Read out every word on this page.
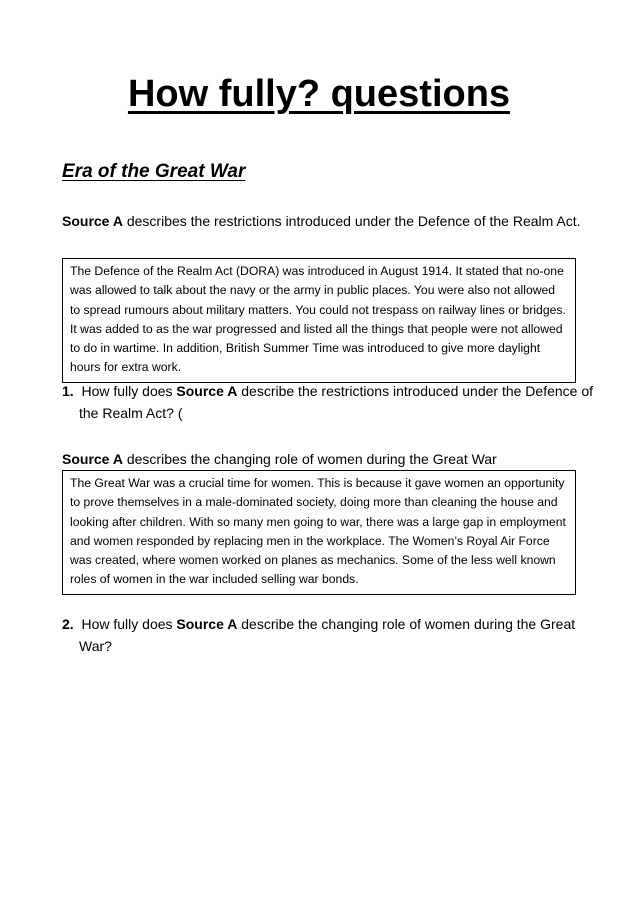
How fully? questions
Era of the Great War

Source A describes the restrictions introduced under the Defence of the Realm Act.

The Defence of the Realm Act (DORA) was introduced in August 1914. It stated that no-one was allowed to talk about the navy or the army in public places. You were also not allowed to spread rumours about military matters. You could not trespass on railway lines or bridges. It was added to as the war progressed and listed all the things that people were not allowed to do in wartime. In addition, British Summer Time was introduced to give more daylight hours for extra work.

1. How fully does Source A describe the restrictions introduced under the Defence of the Realm Act? (

Source A describes the changing role of women during the Great War

The Great War was a crucial time for women. This is because it gave women an opportunity to prove themselves in a male-dominated society, doing more than cleaning the house and looking after children. With so many men going to war, there was a large gap in employment and women responded by replacing men in the workplace. The Women’s Royal Air Force was created, where women worked on planes as mechanics. Some of the less well known roles of women in the war included selling war bonds.

2. How fully does Source A describe the changing role of women during the Great War?
